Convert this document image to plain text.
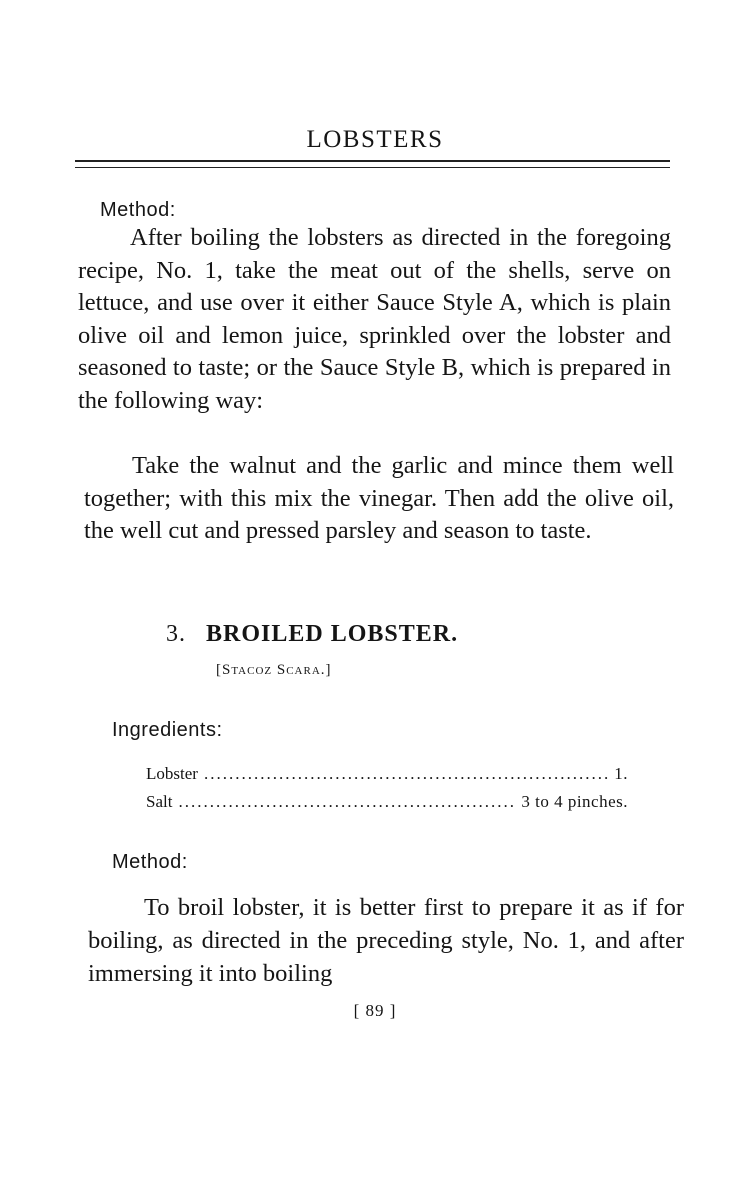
LOBSTERS
Method:

After boiling the lobsters as directed in the foregoing recipe, No. 1, take the meat out of the shells, serve on lettuce, and use over it either Sauce Style A, which is plain olive oil and lemon juice, sprinkled over the lobster and seasoned to taste; or the Sauce Style B, which is prepared in the following way:

Take the walnut and the garlic and mince them well together; with this mix the vinegar. Then add the olive oil, the well cut and pressed parsley and season to taste.

3. BROILED LOBSTER.
[Stacoz Scara.]
Ingredients:
Lobster .....	1.
Salt .....	3 to 4 pinches.
Method:

To broil lobster, it is better first to prepare it as if for boiling, as directed in the preceding style, No. 1, and after immersing it into boiling

[ 89 ]
